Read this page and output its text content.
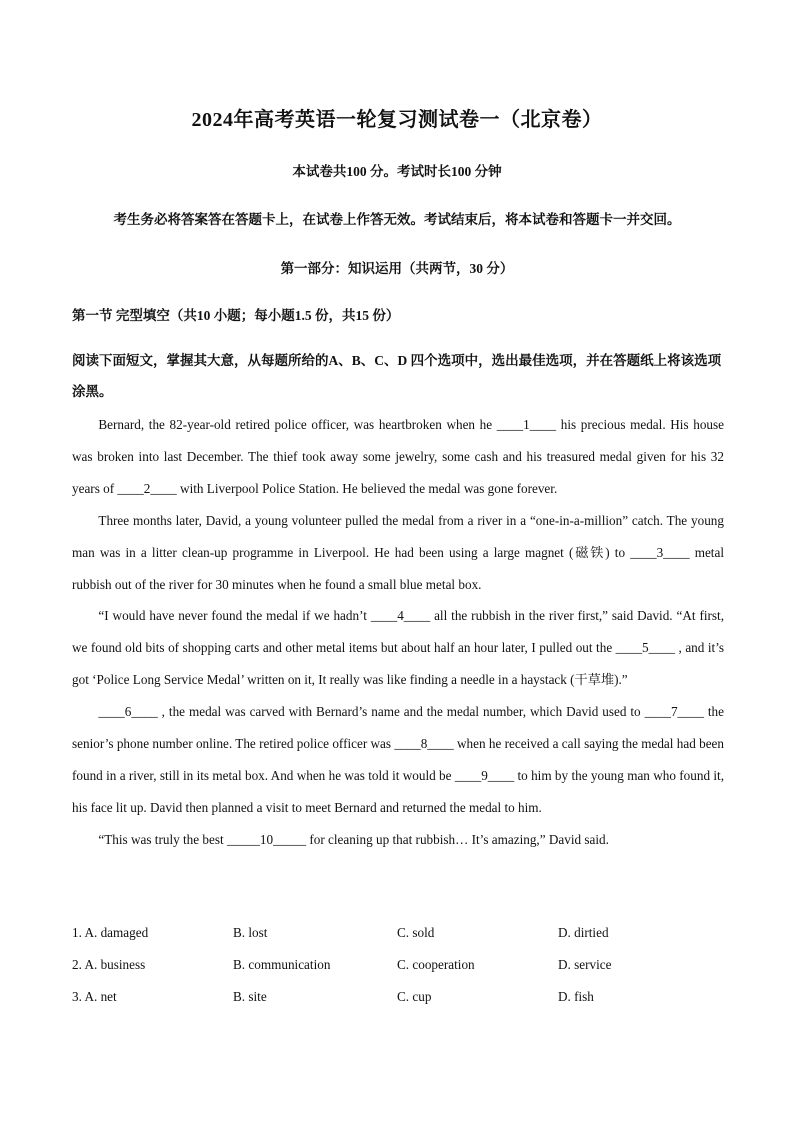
2024年高考英语一轮复习测试卷一（北京卷）
本试卷共100 分。考试时长100 分钟
考生务必将答案答在答题卡上，在试卷上作答无效。考试结束后，将本试卷和答题卡一并交回。
第一部分：知识运用（共两节，30 分）
第一节 完型填空（共10 小题；每小题1.5 份，共15 份）
阅读下面短文，掌握其大意，从每题所给的A、B、C、D 四个选项中，选出最佳选项，并在答题纸上将该选项涂黑。

Bernard, the 82-year-old retired police officer, was heartbroken when he ____1____ his precious medal. His house was broken into last December. The thief took away some jewelry, some cash and his treasured medal given for his 32 years of ____2____ with Liverpool Police Station. He believed the medal was gone forever.

Three months later, David, a young volunteer pulled the medal from a river in a “one-in-a-million” catch. The young man was in a litter clean-up programme in Liverpool. He had been using a large magnet (磁铁) to ____3____ metal rubbish out of the river for 30 minutes when he found a small blue metal box.

“I would have never found the medal if we hadn’t ____4____ all the rubbish in the river first,” said David. “At first, we found old bits of shopping carts and other metal items but about half an hour later, I pulled out the ____5____ , and it’s got ‘Police Long Service Medal’ written on it, It really was like finding a needle in a haystack (干草堆).”

____6____ , the medal was carved with Bernard’s name and the medal number, which David used to ____7____ the senior’s phone number online. The retired police officer was ____8____ when he received a call saying the medal had been found in a river, still in its metal box. And when he was told it would be ____9____ to him by the young man who found it, his face lit up. David then planned a visit to meet Bernard and returned the medal to him.

“This was truly the best _____10_____ for cleaning up that rubbish… It’s amazing,” David said.

1. A. damaged	B. lost	C. sold	D. dirtied
2. A. business	B. communication	C. cooperation	D. service
3. A. net	B. site	C. cup	D. fish
